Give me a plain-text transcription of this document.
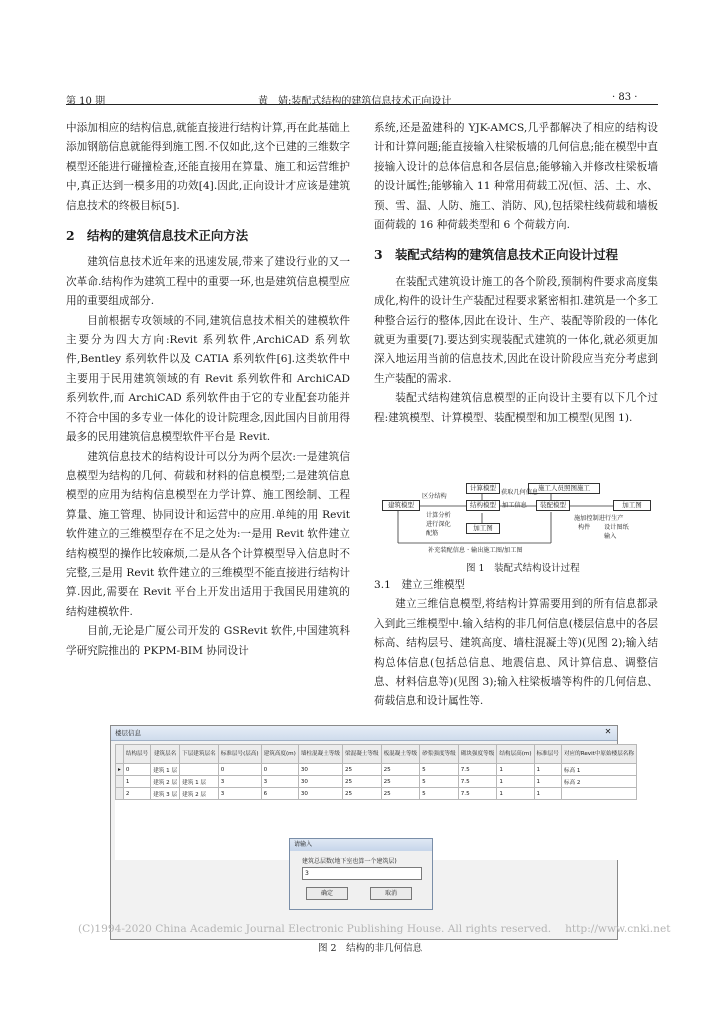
第 10 期	黄　婧:装配式结构的建筑信息技术正向设计	· 83 ·

中添加相应的结构信息,就能直接进行结构计算,再在此基础上添加钢筋信息就能得到施工图.不仅如此,这个已建的三维数字模型还能进行碰撞检查,还能直接用在算量、施工和运营维护中,真正达到一模多用的功效[4].因此,正向设计才应该是建筑信息技术的终极目标[5].

2　结构的建筑信息技术正向方法

建筑信息技术近年来的迅速发展,带来了建设行业的又一次革命.结构作为建筑工程中的重要一环,也是建筑信息模型应用的重要组成部分.

目前根据专攻领域的不同,建筑信息技术相关的建模软件主要分为四大方向:Revit 系列软件,ArchiCAD 系列软件,Bentley 系列软件以及 CATIA 系列软件[6].这类软件中主要用于民用建筑领域的有 Revit 系列软件和 ArchiCAD 系列软件,而 ArchiCAD 系列软件由于它的专业配套功能并不符合中国的多专业一体化的设计院理念,因此国内目前用得最多的民用建筑信息模型软件平台是 Revit.

建筑信息技术的结构设计可以分为两个层次:一是建筑信息模型为结构的几何、荷载和材料的信息模型;二是建筑信息模型的应用为结构信息模型在力学计算、施工图绘制、工程算量、施工管理、协同设计和运营中的应用.单纯的用 Revit 软件建立的三维模型存在不足之处为:一是用 Revit 软件建立结构模型的操作比较麻烦,二是从各个计算模型导入信息时不完整,三是用 Revit 软件建立的三维模型不能直接进行结构计算.因此,需要在 Revit 平台上开发出适用于我国民用建筑的结构建模软件.

目前,无论是广厦公司开发的 GSRevit 软件,中国建筑科学研究院推出的 PKPM-BIM 协同设计

系统,还是盈建科的 YJK-AMCS,几乎都解决了相应的结构设计和计算问题;能直接输入柱梁板墙的几何信息;能在模型中直接输入设计的总体信息和各层信息;能够输入并修改柱梁板墙的设计属性;能够输入 11 种常用荷载工况(恒、活、土、水、预、雪、温、人防、施工、消防、风),包括梁柱线荷载和墙板面荷载的 16 种荷载类型和 6 个荷载方向.

3　装配式结构的建筑信息技术正向设计过程

在装配式建筑设计施工的各个阶段,预制构件要求高度集成化,构件的设计生产装配过程要求紧密相扣.建筑是一个多工种整合运行的整体,因此在设计、生产、装配等阶段的一体化就更为重要[7].要达到实现装配式建筑的一体化,就必须更加深入地运用当前的信息技术,因此在设计阶段应当充分考虑到生产装配的需求.

装配式结构建筑信息模型的正向设计主要有以下几个过程:建筑模型、计算模型、装配模型和加工模型(见图 1).

计算模型	施工人员照图施工
建筑模型	结构模型	装配模型	加工图
加工图
区分结构
获取几何信息
计算分析
进行深化
配筋
加工信息
施加控制进行生产
构件 设计图纸
输入
补充装配信息 · 输出施工图/加工图
图 1　装配式结构设计过程

3.1　建立三维模型

建立三维信息模型,将结构计算需要用到的所有信息都录入到此三维模型中.输入结构的非几何信息(楼层信息中的各层标高、结构层号、建筑高度、墙柱混凝土等)(见图 2);输入结构总体信息(包括总信息、地震信息、风计算信息、调整信息、材料信息等)(见图 3);输入柱梁板墙等构件的几何信息、荷载信息和设计属性等.

楼层信息	✕
	结构层号	建筑层名	下层建筑层名	标准层号(层高)	建筑高度(m)	墙柱混凝土等级	梁混凝土等级	板混凝土等级	砂浆强度等级	砌块强度等级	结构层高(m)	标准层号	对应的Revit中原始楼层名称
▸	0	建筑 1 层		0	0	30	25	25	5	7.5	1	1	标高 1
	1	建筑 2 层	建筑 1 层	3	3	30	25	25	5	7.5	1	1	标高 2
	2	建筑 3 层	建筑 2 层	3	6	30	25	25	5	7.5	1	1	

请输入
建筑总层数(地下室也算一个建筑层)
3
确定	取消
(C)1994-2020 China Academic Journal Electronic Publishing House. All rights reserved.　 http://www.cnki.net
图 2　结构的非几何信息
